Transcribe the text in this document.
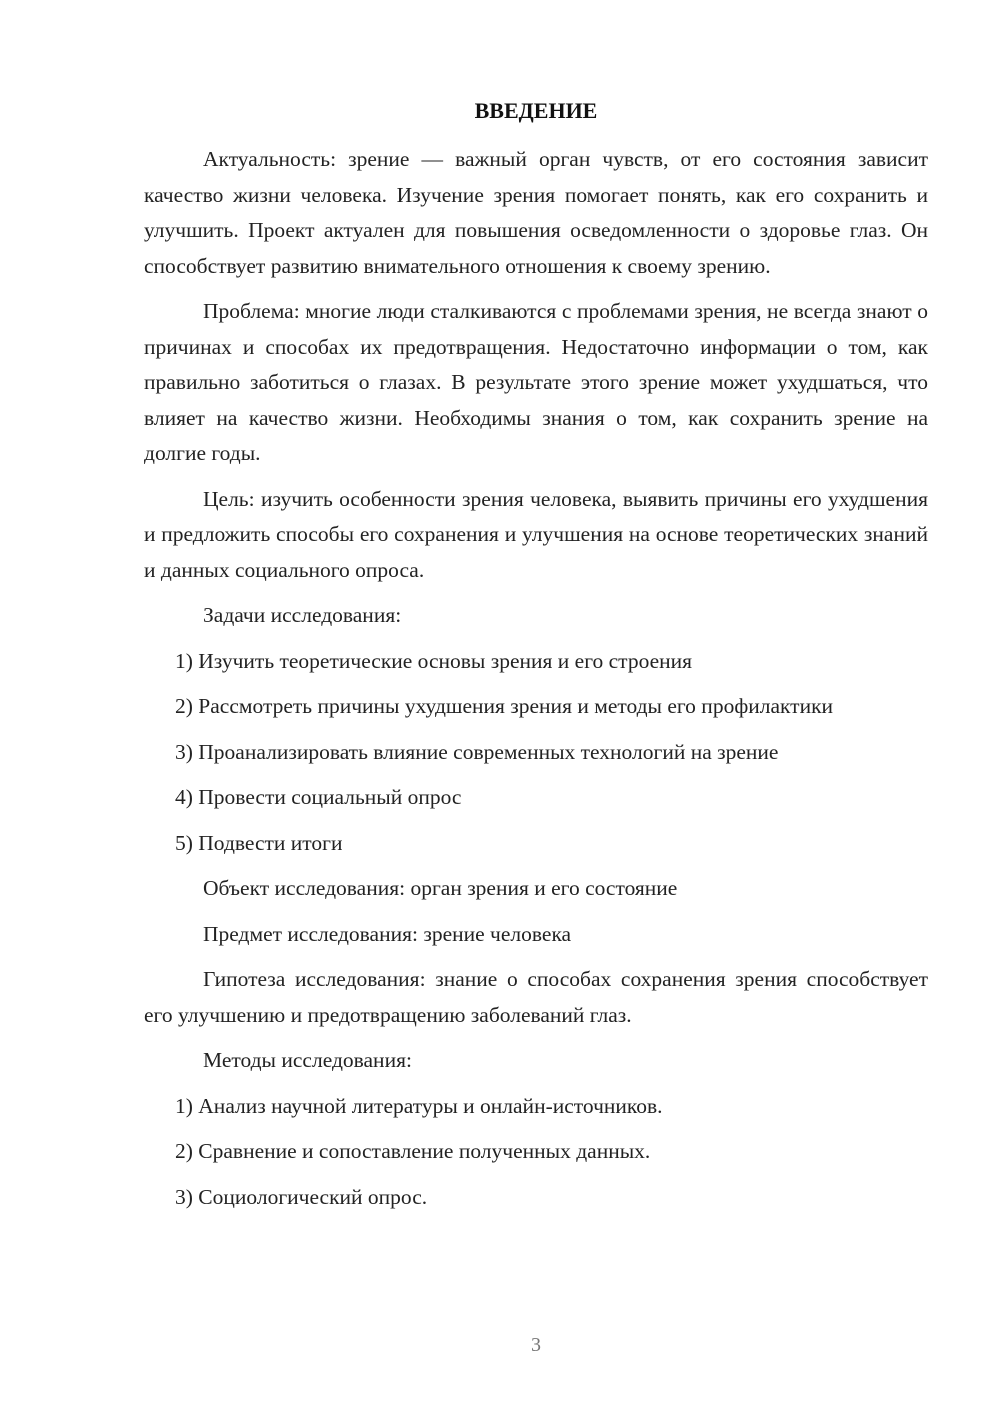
ВВЕДЕНИЕ

Актуальность: зрение — важный орган чувств, от его состояния зависит качество жизни человека. Изучение зрения помогает понять, как его сохранить и улучшить. Проект актуален для повышения осведомленности о здоровье глаз. Он способствует развитию внимательного отношения к своему зрению.

Проблема: многие люди сталкиваются с проблемами зрения, не всегда знают о причинах и способах их предотвращения. Недостаточно информации о том, как правильно заботиться о глазах. В результате этого зрение может ухудшаться, что влияет на качество жизни. Необходимы знания о том, как сохранить зрение на долгие годы.

Цель: изучить особенности зрения человека, выявить причины его ухудшения и предложить способы его сохранения и улучшения на основе теоретических знаний и данных социального опроса.

Задачи исследования:

1) Изучить теоретические основы зрения и его строения

2) Рассмотреть причины ухудшения зрения и методы его профилактики

3) Проанализировать влияние современных технологий на зрение

4) Провести социальный опрос

5) Подвести итоги

Объект исследования: орган зрения и его состояние

Предмет исследования: зрение человека

Гипотеза исследования: знание о способах сохранения зрения способствует его улучшению и предотвращению заболеваний глаз.

Методы исследования:

1) Анализ научной литературы и онлайн-источников.

2) Сравнение и сопоставление полученных данных.

3) Социологический опрос.

3
